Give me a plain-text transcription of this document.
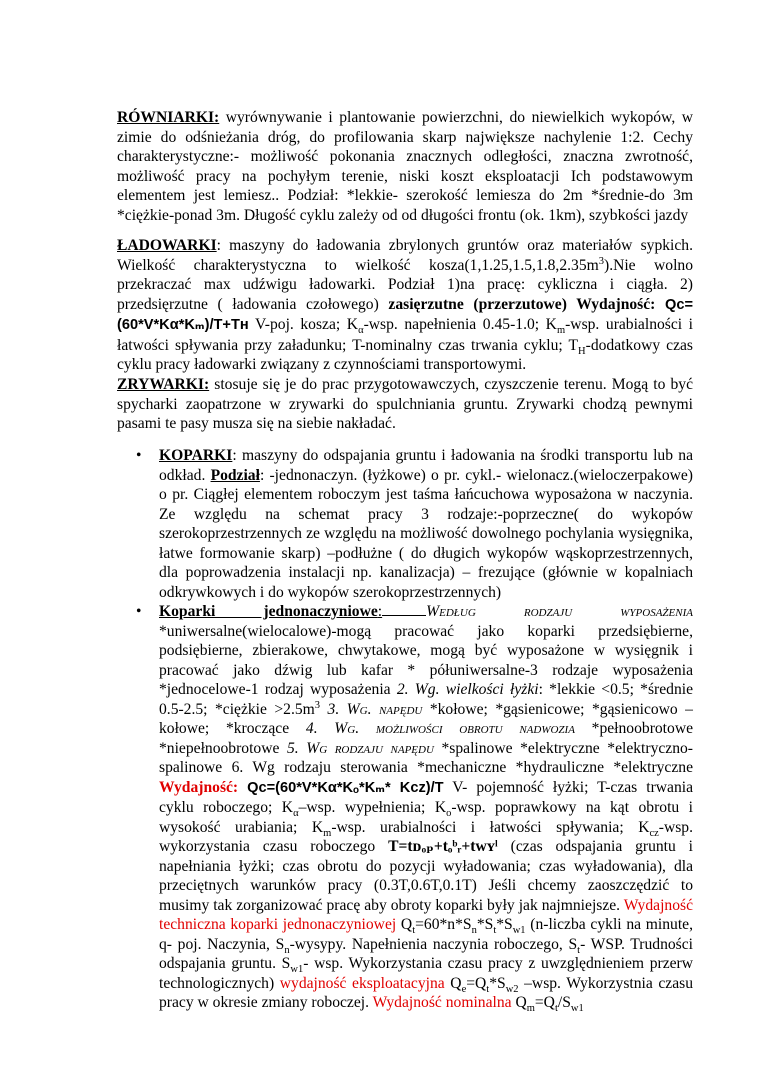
RÓWNIARKI: wyrównywanie i plantowanie powierzchni, do niewielkich wykopów, w zimie do odśnieżania dróg, do profilowania skarp największe nachylenie 1:2. Cechy charakterystyczne:- możliwość pokonania znacznych odległości, znaczna zwrotność, możliwość pracy na pochyłym terenie, niski koszt eksploatacji Ich podstawowym elementem jest lemiesz.. Podział: *lekkie- szerokość lemiesza do 2m *średnie-do 3m *ciężkie-ponad 3m. Długość cyklu zależy od od długości frontu (ok. 1km), szybkości jazdy

ŁADOWARKI: maszyny do ładowania zbrylonych gruntów oraz materiałów sypkich. Wielkość charakterystyczna to wielkość $kosza(1,1.25,1.5,1.8,2.35m^3).Nie$ wolno przekraczać max udźwigu ładowarki. Podział 1)na pracę: cykliczna i ciągła. 2) przedsięrzutne ( ładowania czołowego) zasięrzutne (przerzutowe) Wydajność: Qᴄ=(60*V*Kα*Kₘ)/T+Tʜ V-poj. kosza; $K_\alpha$-wsp. napełnienia 0.45-1.0; $K_m$-wsp. urabialności i łatwości spływania przy załadunku; T-nominalny czas trwania cyklu; $T_H$-dodatkowy czas cyklu pracy ładowarki związany z czynnościami transportowymi.

ZRYWARKI: stosuje się je do prac przygotowawczych, czyszczenie terenu. Mogą to być spycharki zaopatrzone w zrywarki do spulchniania gruntu. Zrywarki chodzą pewnymi pasami te pasy musza się na siebie nakładać.

• KOPARKI: maszyny do odspajania gruntu i ładowania na środki transportu lub na odkład. Podział: -jednonaczyn. (łyżkowe) o pr. cykl.- wielonacz.(wieloczerpakowe) o pr. Ciągłej elementem roboczym jest taśma łańcuchowa wyposażona w naczynia. Ze względu na schemat pracy 3 rodzaje:-poprzeczne( do wykopów szerokoprzestrzennych ze względu na możliwość dowolnego pochylania wysięgnika, łatwe formowanie skarp) –podłużne ( do długich wykopów wąskoprzestrzennych, dla poprowadzenia instalacji np. kanalizacja) – frezujące (głównie w kopalniach odkrywkowych i do wykopów szerokoprzestrzennych)
• Koparki jednonaczyniowe:	Według rodzaju wyposażenia *uniwersalne(wielocalowe)-mogą pracować jako koparki przedsiębierne, podsiębierne, zbierakowe, chwytakowe, mogą być wyposażone w wysięgnik i pracować jako dźwig lub kafar * półuniwersalne-3 rodzaje wyposażenia *jednocelowe-1 rodzaj wyposażenia 2. Wg. wielkości łyżki: *lekkie <0.5; *średnie 0.5-2.5; *ciężkie $>2.5m^3$ 3. Wg. napędu *kołowe; *gąsienicowe; *gąsienicowo – kołowe; *kroczące 4. Wg. możliwości obrotu nadwozia *pełnoobrotowe *niepełnoobrotowe 5. Wg rodzaju napędu *spalinowe *elektryczne *elektryczno-spalinowe 6. Wg rodzaju sterowania *mechaniczne *hydrauliczne *elektryczne Wydajność: Qᴄ=(60*V*Kα*Kₒ*Kₘ* Kᴄᴢ)/T V- pojemność łyżki; T-czas trwania cyklu roboczego; $K_\alpha$–wsp. wypełnienia; $K_o$-wsp. poprawkowy na kąt obrotu i wysokość urabiania; $K_m$-wsp. urabialności i łatwości spływania; $K_{cz}$-wsp. wykorzystania czasu roboczego T=tᴅₒₚ+tₒᵇᵣ+tᴡʏˡ (czas odspajania gruntu i napełniania łyżki; czas obrotu do pozycji wyładowania; czas wyładowania), dla przeciętnych warunków pracy (0.3T,0.6T,0.1T) Jeśli chcemy zaoszczędzić to musimy tak zorganizować pracę aby obroty koparki były jak najmniejsze. Wydajność techniczna koparki jednonaczyniowej $Q_t=60*n*S_n*S_t*S_{w1}$ (n-liczba cykli na minute, q- poj. Naczynia, $S_n$-wysypy. Napełnienia naczynia roboczego, $S_t-$ WSP. Trudności odspajania gruntu. $S_{w1}-$ wsp. Wykorzystania czasu pracy z uwzględnieniem przerw technologicznych) wydajność eksploatacyjna $Q_e=Q_t*S_{w2}$ –wsp. Wykorzystnia czasu pracy w okresie zmiany roboczej. Wydajność nominalna $Q_m=Q_t/S_{w1}$
